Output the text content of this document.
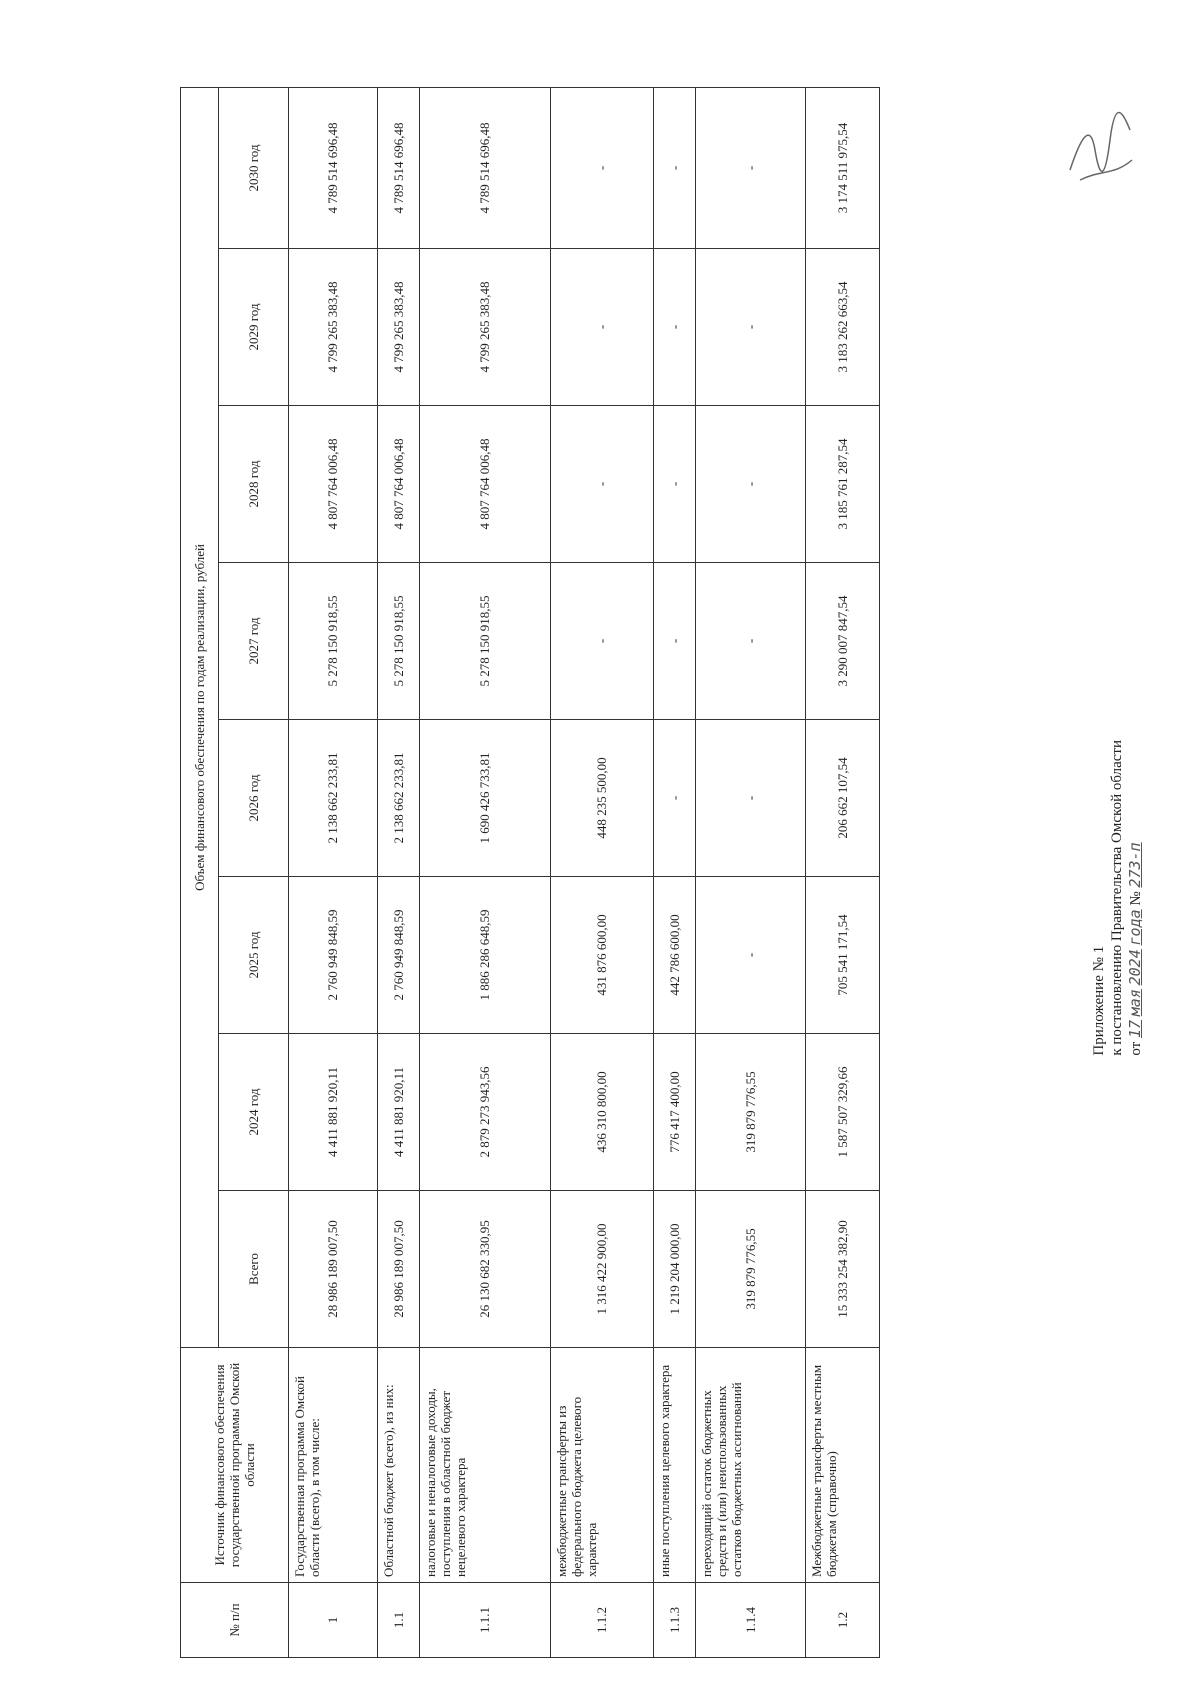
Приложение № 1 к постановлению Правительства Омской области от 17 мая 2024 года № 273-п
№ п/п	Источник финансового обеспечения государственной программы Омской области	Объем финансового обеспечения по годам реализации, рублей							
		Всего	2024 год	2025 год	2026 год	2027 год	2028 год	2029 год	2030 год
1	Государственная программа Омской области (всего), в том числе:	28 986 189 007,50	4 411 881 920,11	2 760 949 848,59	2 138 662 233,81	5 278 150 918,55	4 807 764 006,48	4 799 265 383,48	4 789 514 696,48
1.1	Областной бюджет (всего), из них:	28 986 189 007,50	4 411 881 920,11	2 760 949 848,59	2 138 662 233,81	5 278 150 918,55	4 807 764 006,48	4 799 265 383,48	4 789 514 696,48
1.1.1	налоговые и неналоговые доходы, поступления в областной бюджет нецелевого характера	26 130 682 330,95	2 879 273 943,56	1 886 286 648,59	1 690 426 733,81	5 278 150 918,55	4 807 764 006,48	4 799 265 383,48	4 789 514 696,48
1.1.2	межбюджетные трансферты из федерального бюджета целевого характера	1 316 422 900,00	436 310 800,00	431 876 600,00	448 235 500,00	-	-	-	-
1.1.3	иные поступления целевого характера	1 219 204 000,00	776 417 400,00	442 786 600,00	-	-	-	-	-
1.1.4	переходящий остаток бюджетных средств и (или) неиспользованных остатков бюджетных ассигнований	319 879 776,55	319 879 776,55	-	-	-	-	-	-
1.2	Межбюджетные трансферты местным бюджетам (справочно)	15 333 254 382,90	1 587 507 329,66	705 541 171,54	206 662 107,54	3 290 007 847,54	3 185 761 287,54	3 183 262 663,54	3 174 511 975,54
